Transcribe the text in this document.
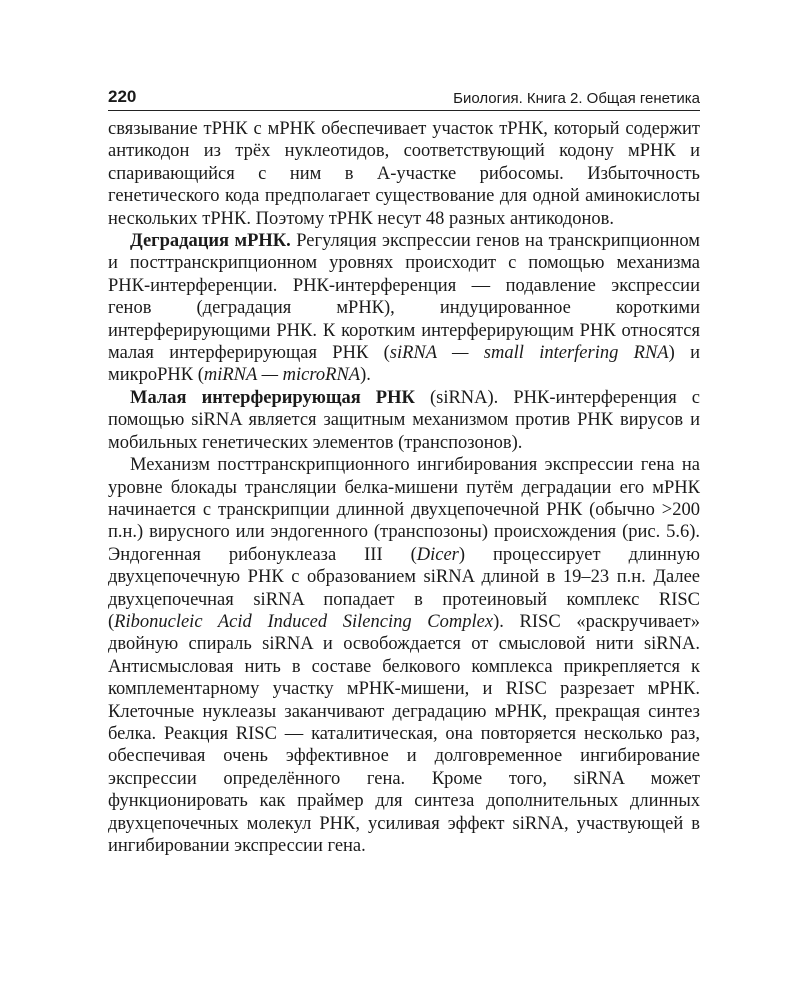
220	Биология. Книга 2. Общая генетика

связывание тРНК с мРНК обеспечивает участок тРНК, который содержит антикодон из трёх нуклеотидов, соответствующий кодону мРНК и спаривающийся с ним в А-участке рибосомы. Избыточность генетического кода предполагает существование для одной аминокислоты нескольких тРНК. Поэтому тРНК несут 48 разных антикодонов.

Деградация мРНК. Регуляция экспрессии генов на транскрипционном и посттранскрипционном уровнях происходит с помощью механизма РНК-интерференции. РНК-интерференция — подавление экспрессии генов (деградация мРНК), индуцированное короткими интерферирующими РНК. К коротким интерферирующим РНК относятся малая интерферирующая РНК (siRNA — small interfering RNA) и микроРНК (miRNA — microRNA).

Малая интерферирующая РНК (siRNA). РНК-интерференция с помощью siRNA является защитным механизмом против РНК вирусов и мобильных генетических элементов (транспозонов).

Механизм посттранскрипционного ингибирования экспрессии гена на уровне блокады трансляции белка-мишени путём деградации его мРНК начинается с транскрипции длинной двухцепочечной РНК (обычно >200 п.н.) вирусного или эндогенного (транспозоны) происхождения (рис. 5.6). Эндогенная рибонуклеаза III (Dicer) процессирует длинную двухцепочечную РНК с образованием siRNA длиной в 19–23 п.н. Далее двухцепочечная siRNA попадает в протеиновый комплекс RISC (Ribonucleic Acid Induced Silencing Complex). RISC «раскручивает» двойную спираль siRNA и освобождается от смысловой нити siRNA. Антисмысловая нить в составе белкового комплекса прикрепляется к комплементарному участку мРНК-мишени, и RISC разрезает мРНК. Клеточные нуклеазы заканчивают деградацию мРНК, прекращая синтез белка. Реакция RISC — каталитическая, она повторяется несколько раз, обеспечивая очень эффективное и долговременное ингибирование экспрессии определённого гена. Кроме того, siRNA может функционировать как праймер для синтеза дополнительных длинных двухцепочечных молекул РНК, усиливая эффект siRNA, участвующей в ингибировании экспрессии гена.
